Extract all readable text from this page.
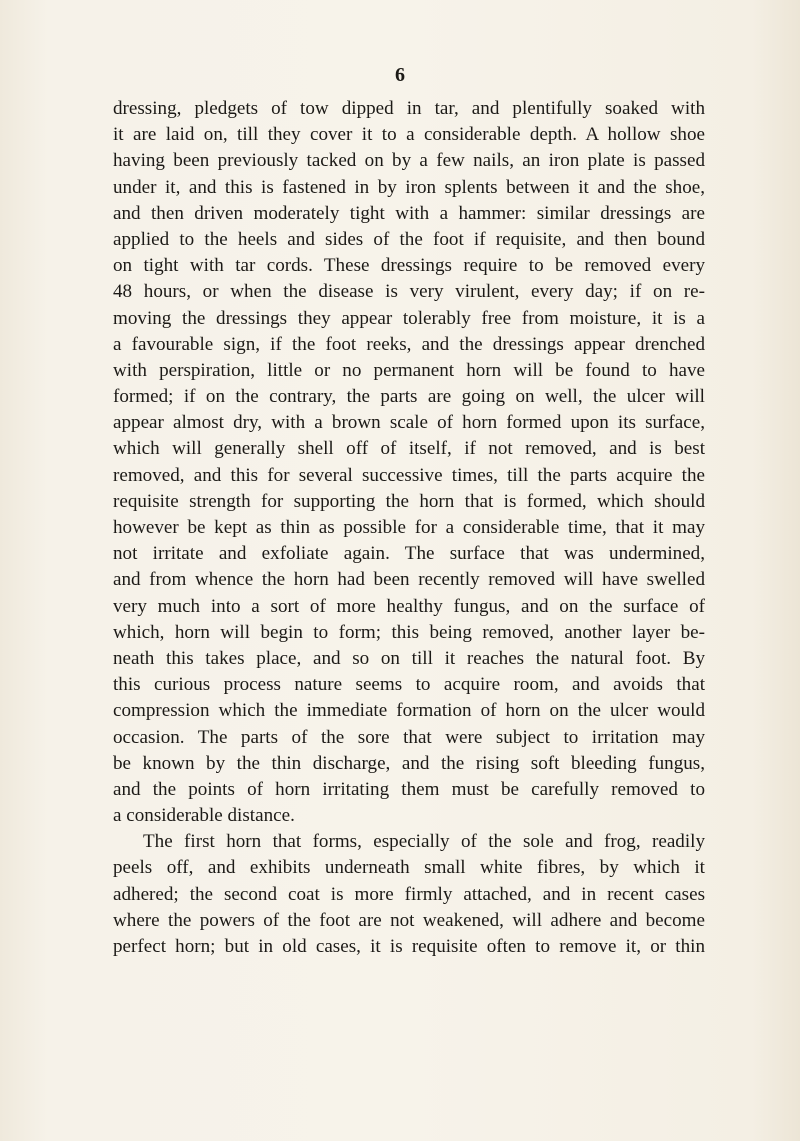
6
dressing, pledgets of tow dipped in tar, and plentifully soaked with
it are laid on, till they cover it to a considerable depth. A hollow shoe
having been previously tacked on by a few nails, an iron plate is passed
under it, and this is fastened in by iron splents between it and the shoe,
and then driven moderately tight with a hammer: similar dressings are
applied to the heels and sides of the foot if requisite, and then bound
on tight with tar cords. These dressings require to be removed every
48 hours, or when the disease is very virulent, every day; if on re-
moving the dressings they appear tolerably free from moisture, it is a
a favourable sign, if the foot reeks, and the dressings appear drenched
with perspiration, little or no permanent horn will be found to have
formed; if on the contrary, the parts are going on well, the ulcer will
appear almost dry, with a brown scale of horn formed upon its surface,
which will generally shell off of itself, if not removed, and is best
removed, and this for several successive times, till the parts acquire the
requisite strength for supporting the horn that is formed, which should
however be kept as thin as possible for a considerable time, that it may
not irritate and exfoliate again. The surface that was undermined,
and from whence the horn had been recently removed will have swelled
very much into a sort of more healthy fungus, and on the surface of
which, horn will begin to form; this being removed, another layer be-
neath this takes place, and so on till it reaches the natural foot. By
this curious process nature seems to acquire room, and avoids that
compression which the immediate formation of horn on the ulcer would
occasion. The parts of the sore that were subject to irritation may
be known by the thin discharge, and the rising soft bleeding fungus,
and the points of horn irritating them must be carefully removed to
a considerable distance.
The first horn that forms, especially of the sole and frog, readily
peels off, and exhibits underneath small white fibres, by which it
adhered; the second coat is more firmly attached, and in recent cases
where the powers of the foot are not weakened, will adhere and become
perfect horn; but in old cases, it is requisite often to remove it, or thin
